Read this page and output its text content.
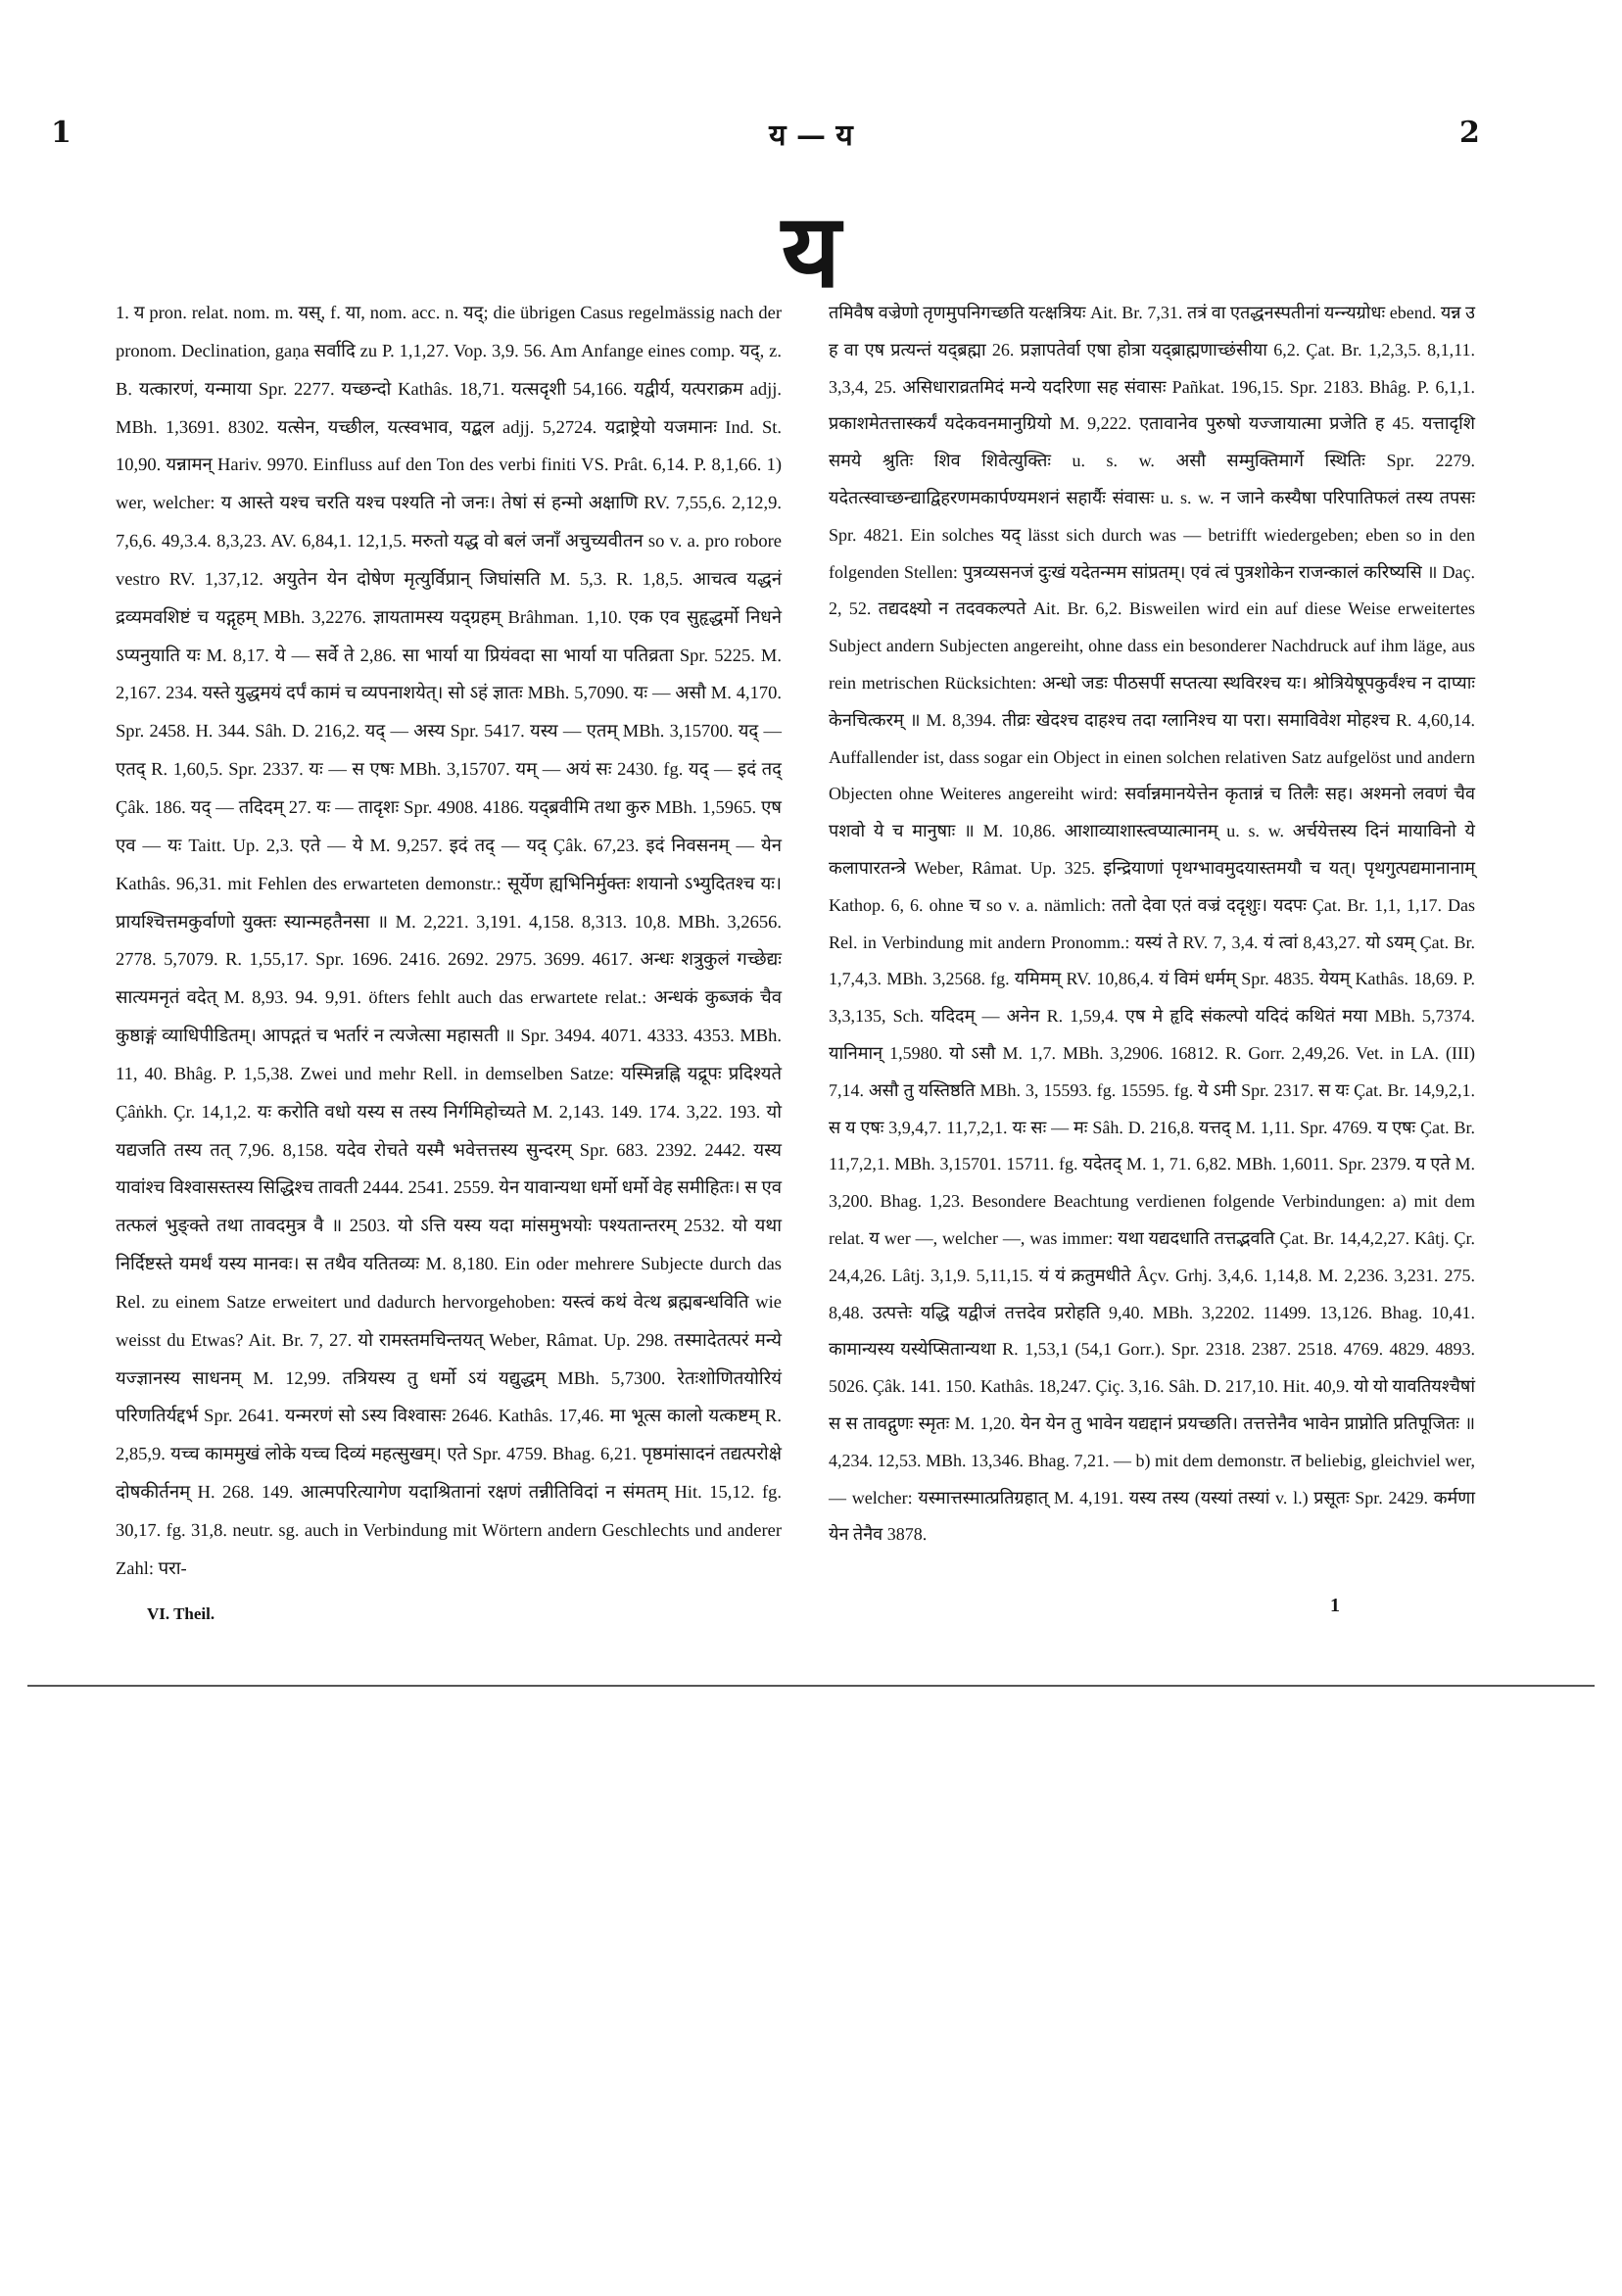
1	य — य	2
य

1. य pron. relat. nom. m. यस्, f. या, nom. acc. n. यद्; die übrigen Casus regelmässig nach der pronom. Declination, gaṇa सर्वादि zu P. 1,1,27. Vop. 3,9. 56. Am Anfange eines comp. यद्, z. B. यत्कारणं, यन्माया Spr. 2277. यच्छन्दो Kathâs. 18,71. यत्सदृशी 54,166. यद्वीर्य, यत्पराक्रम adjj. MBh. 1,3691. 8302. यत्सेन, यच्छील, यत्स्वभाव, यद्बल adjj. 5,2724. यद्राष्ट्रेयो यजमानः Ind. St. 10,90. यन्नामन् Hariv. 9970. Einfluss auf den Ton des verbi finiti VS. Prât. 6,14. P. 8,1,66. 1) wer, welcher: य आस्ते यश्च चरति यश्च पश्यति नो जनः। तेषां सं हन्मो अक्षाणि RV. 7,55,6. 2,12,9. 7,6,6. 49,3.4. 8,3,23. AV. 6,84,1. 12,1,5. मरुतो यद्ध वो बलं जनाँ अचुच्यवीतन so v. a. pro robore vestro RV. 1,37,12. अयुतेन येन दोषेण मृत्युर्विप्रान् जिघांसति M. 5,3. R. 1,8,5. आचत्व यद्धनं द्रव्यमवशिष्टं च यद्गृहम् MBh. 3,2276. ज्ञायतामस्य यद्ग्रहम् Brâhman. 1,10. एक एव सुहृद्धर्मो निधने ऽप्यनुयाति यः M. 8,17. ये — सर्वे ते 2,86. सा भार्या या प्रियंवदा सा भार्या या पतिव्रता Spr. 5225. M. 2,167. 234. यस्ते युद्धमयं दर्पं कामं च व्यपनाशयेत्। सो ऽहं ज्ञातः MBh. 5,7090. यः — असौ M. 4,170. Spr. 2458. H. 344. Sâh. D. 216,2. यद् — अस्य Spr. 5417. यस्य — एतम् MBh. 3,15700. यद् — एतद् R. 1,60,5. Spr. 2337. यः — स एषः MBh. 3,15707. यम् — अयं सः 2430. fg. यद् — इदं तद् Çâk. 186. यद् — तदिदम् 27. यः — तादृशः Spr. 4908. 4186. यद्ब्रवीमि तथा कुरु MBh. 1,5965. एष एव — यः Taitt. Up. 2,3. एते — ये M. 9,257. इदं तद् — यद् Çâk. 67,23. इदं निवसनम् — येन Kathâs. 96,31. mit Fehlen des erwarteten demonstr.: सूर्येण ह्यभिनिर्मुक्तः शयानो ऽभ्युदितश्च यः। प्रायश्चित्तमकुर्वाणो युक्तः स्यान्महतैनसा ॥ M. 2,221. 3,191. 4,158. 8,313. 10,8. MBh. 3,2656. 2778. 5,7079. R. 1,55,17. Spr. 1696. 2416. 2692. 2975. 3699. 4617. अन्धः शत्रुकुलं गच्छेद्यः सात्यमनृतं वदेत् M. 8,93. 94. 9,91. öfters fehlt auch das erwartete relat.: अन्धकं कुब्जकं चैव कुष्ठाङ्गं व्याधिपीडितम्। आपद्गतं च भर्तारं न त्यजेत्सा महासती ॥ Spr. 3494. 4071. 4333. 4353. MBh. 11, 40. Bhâg. P. 1,5,38. Zwei und mehr Rell. in demselben Satze: यस्मिन्नह्नि यद्रूपः प्रदिश्यते Çâṅkh. Çr. 14,1,2. यः करोति वधो यस्य स तस्य निर्गमिहोच्यते M. 2,143. 149. 174. 3,22. 193. यो यद्यजति तस्य तत् 7,96. 8,158. यदेव रोचते यस्मै भवेत्तत्तस्य सुन्दरम् Spr. 683. 2392. 2442. यस्य यावांश्च विश्वासस्तस्य सिद्धिश्च तावती 2444. 2541. 2559. येन यावान्यथा धर्मो धर्मो वेह समीहितः। स एव तत्फलं भुङ्क्ते तथा तावदमुत्र वै ॥ 2503. यो ऽत्ति यस्य यदा मांसमुभयोः पश्यतान्तरम् 2532. यो यथा निर्दिष्टस्ते यमर्थं यस्य मानवः। स तथैव यतितव्यः M. 8,180. Ein oder mehrere Subjecte durch das Rel. zu einem Satze erweitert und dadurch hervorgehoben: यस्त्वं कथं वेत्थ ब्रह्मबन्धविति wie weisst du Etwas? Ait. Br. 7, 27. यो रामस्तमचिन्तयत् Weber, Râmat. Up. 298. तस्मादेतत्परं मन्ये यज्ज्ञानस्य साधनम् M. 12,99. तत्रियस्य तु धर्मो ऽयं यद्युद्धम् MBh. 5,7300. रेतःशोणितयोरियं परिणतिर्यद्दर्भ Spr. 2641. यन्मरणं सो ऽस्य विश्वासः 2646. Kathâs. 17,46. मा भूत्स कालो यत्कष्टम् R. 2,85,9. यच्च काममुखं लोके यच्च दिव्यं महत्सुखम्। एते Spr. 4759. Bhag. 6,21. पृष्ठमांसादनं तद्यत्परोक्षे दोषकीर्तनम् H. 268. 149. आत्मपरित्यागेण यदाश्रितानां रक्षणं तन्नीतिविदां न संमतम् Hit. 15,12. fg. 30,17. fg. 31,8. neutr. sg. auch in Verbindung mit Wörtern andern Geschlechts und anderer Zahl: परा-

तमिवैष वज्रेणो तृणमुपनिगच्छति यत्क्षत्रियः Ait. Br. 7,31. तत्रं वा एतद्धनस्पतीनां यन्न्यग्रोधः ebend. यन्न उ ह वा एष प्रत्यन्तं यद्ब्रह्मा 26. प्रज्ञापतेर्वा एषा होत्रा यद्ब्राह्मणाच्छंसीया 6,2. Çat. Br. 1,2,3,5. 8,1,11. 3,3,4, 25. असिधाराव्रतमिदं मन्ये यदरिणा सह संवासः Pañkat. 196,15. Spr. 2183. Bhâg. P. 6,1,1. प्रकाशमेतत्तास्कर्यं यदेकवनमानुग्रियो M. 9,222. एतावानेव पुरुषो यज्जायात्मा प्रजेति ह 45. यत्तादृशि समये श्रुतिः शिव शिवेत्युक्तिः u. s. w. असौ सम्मुक्तिमार्गे स्थितिः Spr. 2279. यदेतत्स्वाच्छन्द्याद्विहरणमकार्पण्यमशनं सहार्यैः संवासः u. s. w. न जाने कस्यैषा परिपातिफलं तस्य तपसः Spr. 4821. Ein solches यद् lässt sich durch was — betrifft wiedergeben; eben so in den folgenden Stellen: पुत्रव्यसनजं दुःखं यदेतन्मम सांप्रतम्। एवं त्वं पुत्रशोकेन राजन्कालं करिष्यसि ॥ Daç. 2, 52. तद्यदक्ष्यो न तदवकल्पते Ait. Br. 6,2. Bisweilen wird ein auf diese Weise erweitertes Subject andern Subjecten angereiht, ohne dass ein besonderer Nachdruck auf ihm läge, aus rein metrischen Rücksichten: अन्धो जडः पीठसर्पी सप्तत्या स्थविरश्च यः। श्रोत्रियेषूपकुर्वंश्च न दाप्याः केनचित्करम् ॥ M. 8,394. तीव्रः खेदश्च दाहश्च तदा ग्लानिश्च या परा। समाविवेश मोहश्च R. 4,60,14. Auffallender ist, dass sogar ein Object in einen solchen relativen Satz aufgelöst und andern Objecten ohne Weiteres angereiht wird: सर्वान्नमानयेत्तेन कृतान्नं च तिलैः सह। अश्मनो लवणं चैव पशवो ये च मानुषाः ॥ M. 10,86. आशाव्याशास्त्वप्यात्मानम् u. s. w. अर्चयेत्तस्य दिनं मायाविनो ये कलापारतन्त्रे Weber, Râmat. Up. 325. इन्द्रियाणां पृथग्भावमुदयास्तमयौ च यत्। पृथगुत्पद्यमानानाम् Kathop. 6, 6. ohne च so v. a. nämlich: ततो देवा एतं वज्रं ददृशुः। यदपः Çat. Br. 1,1, 1,17. Das Rel. in Verbindung mit andern Pronomm.: यस्यं ते RV. 7, 3,4. यं त्वां 8,43,27. यो ऽयम् Çat. Br. 1,7,4,3. MBh. 3,2568. fg. यमिमम् RV. 10,86,4. यं विमं धर्मम् Spr. 4835. येयम् Kathâs. 18,69. P. 3,3,135, Sch. यदिदम् — अनेन R. 1,59,4. एष मे हृदि संकल्पो यदिदं कथितं मया MBh. 5,7374. यानिमान् 1,5980. यो ऽसौ M. 1,7. MBh. 3,2906. 16812. R. Gorr. 2,49,26. Vet. in LA. (III) 7,14. असौ तु यस्तिष्ठति MBh. 3, 15593. fg. 15595. fg. ये ऽमी Spr. 2317. स यः Çat. Br. 14,9,2,1. स य एषः 3,9,4,7. 11,7,2,1. यः सः — मः Sâh. D. 216,8. यत्तद् M. 1,11. Spr. 4769. य एषः Çat. Br. 11,7,2,1. MBh. 3,15701. 15711. fg. यदेतद् M. 1, 71. 6,82. MBh. 1,6011. Spr. 2379. य एते M. 3,200. Bhag. 1,23. Besondere Beachtung verdienen folgende Verbindungen: a) mit dem relat. य wer —, welcher —, was immer: यथा यद्यदधाति तत्तद्भवति Çat. Br. 14,4,2,27. Kâtj. Çr. 24,4,26. Lâtj. 3,1,9. 5,11,15. यं यं क्रतुमधीते Âçv. Grhj. 3,4,6. 1,14,8. M. 2,236. 3,231. 275. 8,48. उत्पत्तेः यद्धि यद्वीजं तत्तदेव प्ररोहति 9,40. MBh. 3,2202. 11499. 13,126. Bhag. 10,41. कामान्यस्य यस्येप्सितान्यथा R. 1,53,1 (54,1 Gorr.). Spr. 2318. 2387. 2518. 4769. 4829. 4893. 5026. Çâk. 141. 150. Kathâs. 18,247. Çiç. 3,16. Sâh. D. 217,10. Hit. 40,9. यो यो यावतियश्चैषां स स तावद्गुणः स्मृतः M. 1,20. येन येन तु भावेन यद्यद्दानं प्रयच्छति। तत्तत्तेनैव भावेन प्राप्नोति प्रतिपूजितः ॥ 4,234. 12,53. MBh. 13,346. Bhag. 7,21. — b) mit dem demonstr. त beliebig, gleichviel wer, — welcher: यस्मात्तस्मात्प्रतिग्रहात् M. 4,191. यस्य तस्य (यस्यां तस्यां v. l.) प्रसूतः Spr. 2429. कर्मणा येन तेनैव 3878.

VI. Theil.	1
